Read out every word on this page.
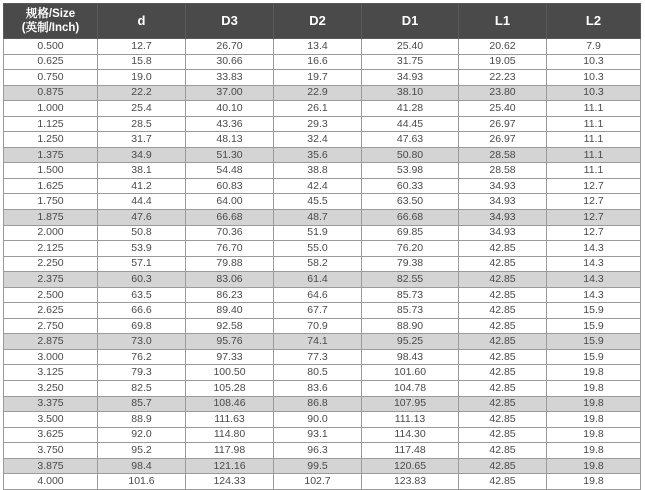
规格/Size
(英制/Inch)	d	D3	D2	D1	L1	L2
0.500	12.7	26.70	13.4	25.40	20.62	7.9
0.625	15.8	30.66	16.6	31.75	19.05	10.3
0.750	19.0	33.83	19.7	34.93	22.23	10.3
0.875	22.2	37.00	22.9	38.10	23.80	10.3
1.000	25.4	40.10	26.1	41.28	25.40	11.1
1.125	28.5	43.36	29.3	44.45	26.97	11.1
1.250	31.7	48.13	32.4	47.63	26.97	11.1
1.375	34.9	51.30	35.6	50.80	28.58	11.1
1.500	38.1	54.48	38.8	53.98	28.58	11.1
1.625	41.2	60.83	42.4	60.33	34.93	12.7
1.750	44.4	64.00	45.5	63.50	34.93	12.7
1.875	47.6	66.68	48.7	66.68	34.93	12.7
2.000	50.8	70.36	51.9	69.85	34.93	12.7
2.125	53.9	76.70	55.0	76.20	42.85	14.3
2.250	57.1	79.88	58.2	79.38	42.85	14.3
2.375	60.3	83.06	61.4	82.55	42.85	14.3
2.500	63.5	86.23	64.6	85.73	42.85	14.3
2.625	66.6	89.40	67.7	85.73	42.85	15.9
2.750	69.8	92.58	70.9	88.90	42.85	15.9
2.875	73.0	95.76	74.1	95.25	42.85	15.9
3.000	76.2	97.33	77.3	98.43	42.85	15.9
3.125	79.3	100.50	80.5	101.60	42.85	19.8
3.250	82.5	105.28	83.6	104.78	42.85	19.8
3.375	85.7	108.46	86.8	107.95	42.85	19.8
3.500	88.9	111.63	90.0	111.13	42.85	19.8
3.625	92.0	114.80	93.1	114.30	42.85	19.8
3.750	95.2	117.98	96.3	117.48	42.85	19.8
3.875	98.4	121.16	99.5	120.65	42.85	19.8
4.000	101.6	124.33	102.7	123.83	42.85	19.8
